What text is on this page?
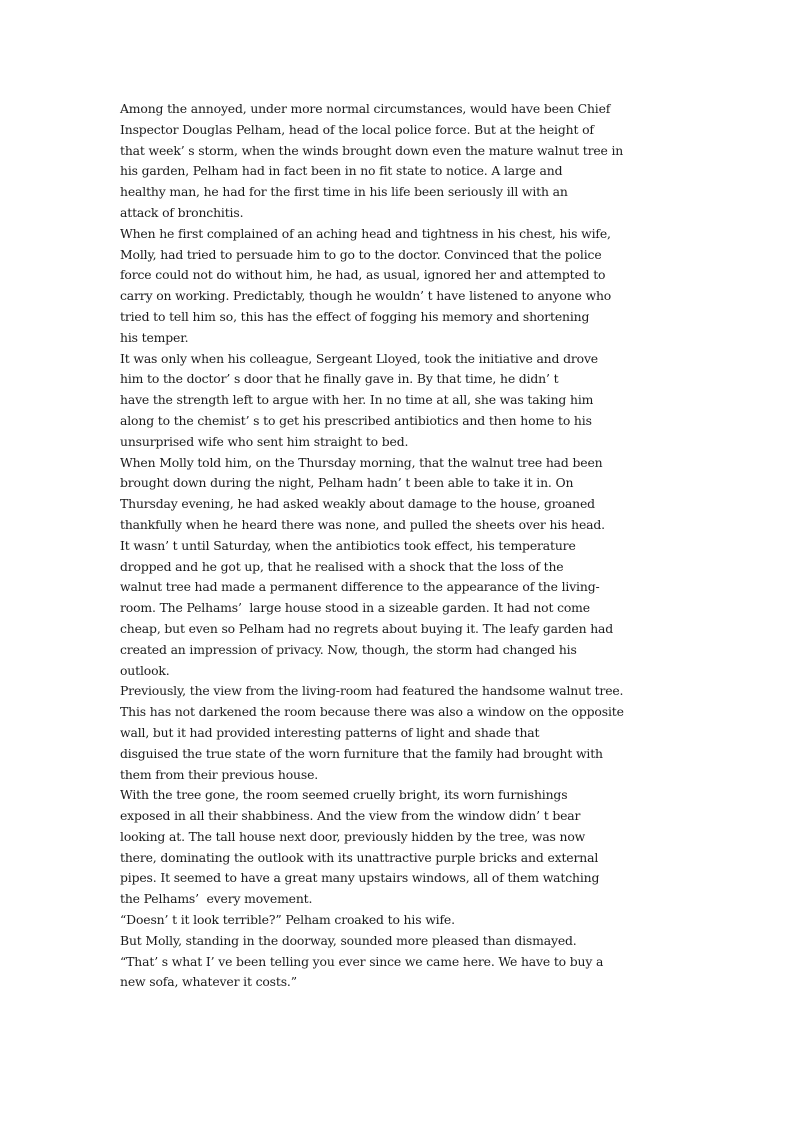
Among the annoyed, under more normal circumstances, would have been Chief
Inspector Douglas Pelham, head of the local police force. But at the height of
that week’ s storm, when the winds brought down even the mature walnut tree in
his garden, Pelham had in fact been in no fit state to notice. A large and
healthy man, he had for the first time in his life been seriously ill with an
attack of bronchitis.
When he first complained of an aching head and tightness in his chest, his wife,
Molly, had tried to persuade him to go to the doctor. Convinced that the police
force could not do without him, he had, as usual, ignored her and attempted to
carry on working. Predictably, though he wouldn’ t have listened to anyone who
tried to tell him so, this has the effect of fogging his memory and shortening
his temper.
It was only when his colleague, Sergeant Lloyed, took the initiative and drove
him to the doctor’ s door that he finally gave in. By that time, he didn’ t
have the strength left to argue with her. In no time at all, she was taking him
along to the chemist’ s to get his prescribed antibiotics and then home to his
unsurprised wife who sent him straight to bed.
When Molly told him, on the Thursday morning, that the walnut tree had been
brought down during the night, Pelham hadn’ t been able to take it in. On
Thursday evening, he had asked weakly about damage to the house, groaned
thankfully when he heard there was none, and pulled the sheets over his head.
It wasn’ t until Saturday, when the antibiotics took effect, his temperature
dropped and he got up, that he realised with a shock that the loss of the
walnut tree had made a permanent difference to the appearance of the living-
room. The Pelhams’  large house stood in a sizeable garden. It had not come
cheap, but even so Pelham had no regrets about buying it. The leafy garden had
created an impression of privacy. Now, though, the storm had changed his
outlook.
Previously, the view from the living-room had featured the handsome walnut tree.
This has not darkened the room because there was also a window on the opposite
wall, but it had provided interesting patterns of light and shade that
disguised the true state of the worn furniture that the family had brought with
them from their previous house.
With the tree gone, the room seemed cruelly bright, its worn furnishings
exposed in all their shabbiness. And the view from the window didn’ t bear
looking at. The tall house next door, previously hidden by the tree, was now
there, dominating the outlook with its unattractive purple bricks and external
pipes. It seemed to have a great many upstairs windows, all of them watching
the Pelhams’  every movement.
“Doesn’ t it look terrible?” Pelham croaked to his wife.
But Molly, standing in the doorway, sounded more pleased than dismayed.
“That’ s what I’ ve been telling you ever since we came here. We have to buy a
new sofa, whatever it costs.”
